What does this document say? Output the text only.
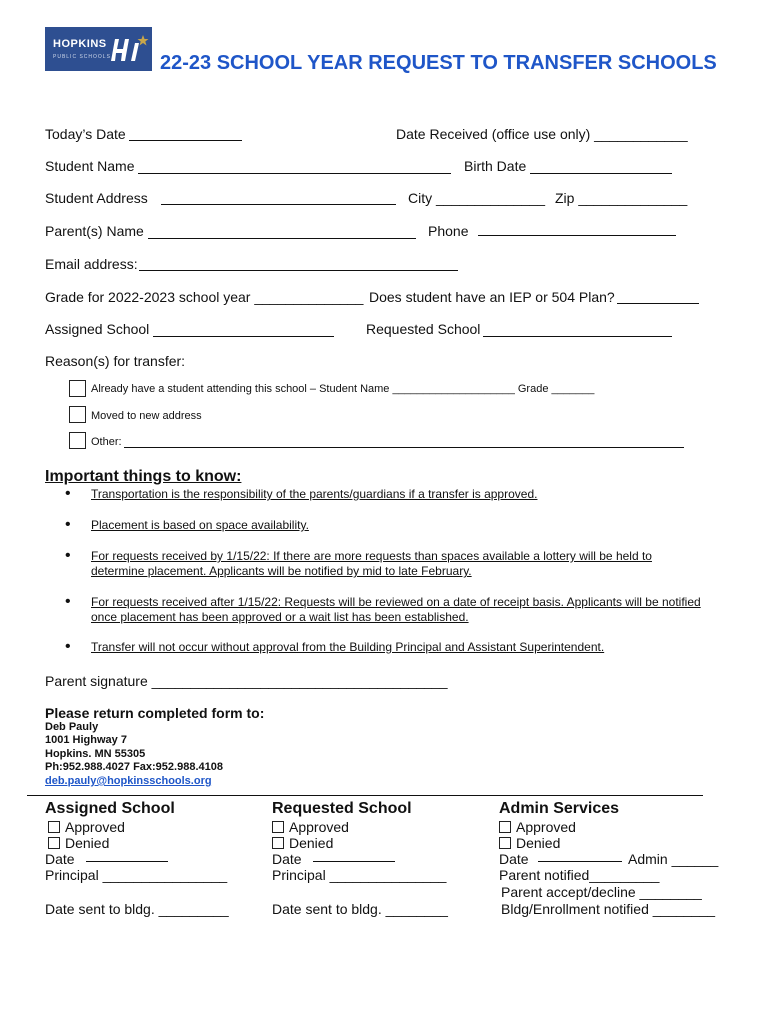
HOPKINS
PUBLIC SCHOOLS 22-23 SCHOOL YEAR REQUEST TO TRANSFER SCHOOLS
Today’s Date	Date Received (office use only) ____________
Student Name	Birth Date
Student Address	City ______________ Zip ______________
Parent(s) Name	Phone
Email address:
Grade for 2022-2023 school year ______________ Does student have an IEP or 504 Plan?
Assigned School	Requested School
Reason(s) for transfer:
Already have a student attending this school – Student Name ____________________ Grade _______
Moved to new address
Other:
Important things to know:
• Transportation is the responsibility of the parents/guardians if a transfer is approved.
• Placement is based on space availability.
• For requests received by 1/15/22: If there are more requests than spaces available a lottery will be held to determine placement. Applicants will be notified by mid to late February.
• For requests received after 1/15/22: Requests will be reviewed on a date of receipt basis. Applicants will be notified once placement has been approved or a wait list has been established.
• Transfer will not occur without approval from the Building Principal and Assistant Superintendent.
Parent signature ______________________________________
Please return completed form to:
Deb Pauly
1001 Highway 7
Hopkins. MN 55305
Ph:952.988.4027 Fax:952.988.4108
deb.pauly@hopkinsschools.org
Assigned School
Approved
Denied
Date
Principal ________________
Date sent to bldg. _________
Requested School
Approved
Denied
Date
Principal _______________
Date sent to bldg. ________
Admin Services
Approved
Denied
Date	Admin ______
Parent notified_________
Parent accept/decline ________
Bldg/Enrollment notified ________
